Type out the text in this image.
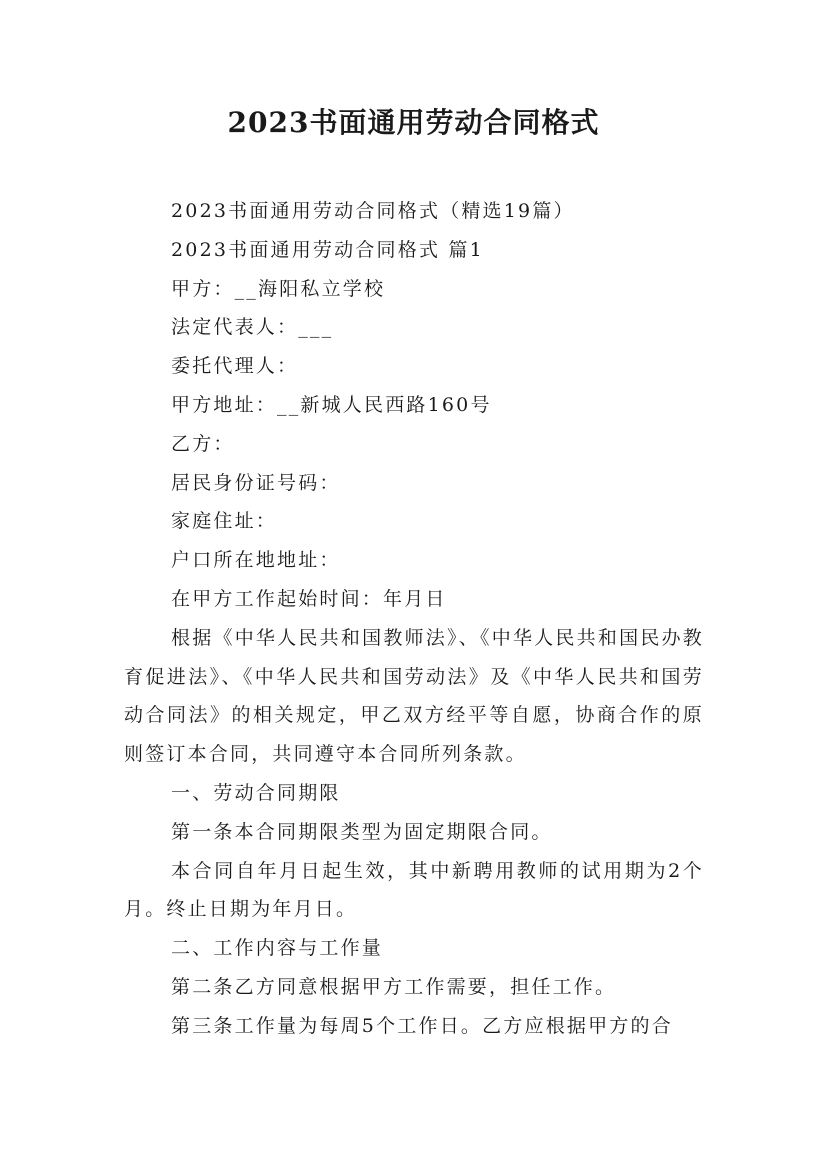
2023书面通用劳动合同格式

2023书面通用劳动合同格式（精选19篇）

2023书面通用劳动合同格式 篇1

甲方：__海阳私立学校

法定代表人：___

委托代理人：

甲方地址：__新城人民西路160号

乙方：

居民身份证号码：

家庭住址：

户口所在地地址：

在甲方工作起始时间：年月日

根据《中华人民共和国教师法》、《中华人民共和国民办教育促进法》、《中华人民共和国劳动法》及《中华人民共和国劳动合同法》的相关规定，甲乙双方经平等自愿，协商合作的原则签订本合同，共同遵守本合同所列条款。

一、劳动合同期限

第一条本合同期限类型为固定期限合同。

本合同自年月日起生效，其中新聘用教师的试用期为2个月。终止日期为年月日。

二、工作内容与工作量

第二条乙方同意根据甲方工作需要，担任工作。

第三条工作量为每周5个工作日。乙方应根据甲方的合
